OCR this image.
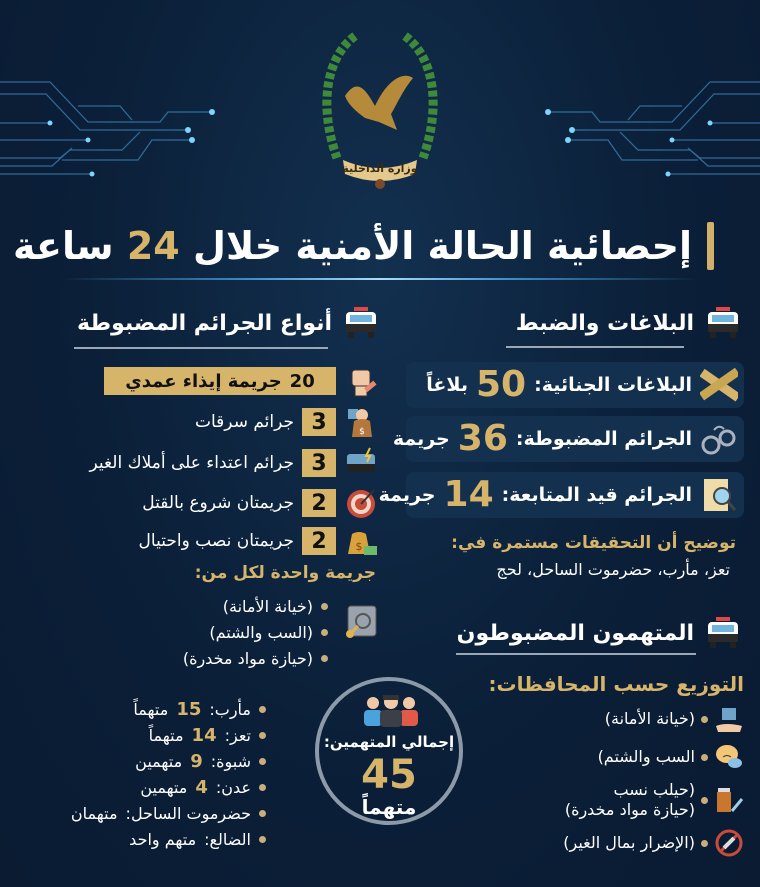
وزارة الداخلية
إحصائية الحالة الأمنية خلال 24 ساعة
البلاغات والضبط
البلاغات الجنائية:
50
بلاغاً
الجرائم المضبوطة:
36
جريمة
الجرائم قيد المتابعة:
14
جريمة
توضيح أن التحقيقات مستمرة في:
تعز، مأرب، حضرموت الساحل، لحج
أنواع الجرائم المضبوطة
20
جريمة إيذاء عمدي
$
3
جرائم سرقات
3
جرائم اعتداء على أملاك الغير
2
جريمتان شروع بالقتل
$
2
جريمتان نصب واحتيال
جريمة واحدة لكل من:
(خيانة الأمانة)
(السب والشتم)
(حيازة مواد مخدرة)
المتهمون المضبوطون
التوزيع حسب المحافظات:
(خيانة الأمانة)
السب والشتم)
(حيلب نسب
(حيازة مواد مخدرة)
(الإضرار بمال الغير)
إجمالي المتهمين:
45
متهماً
مأرب:
15
متهماً
تعز:
14
متهماً
شبوة:
9
متهمين
عدن:
4
متهمين
حضرموت الساحل:
متهمان
الضالع:
متهم واحد
